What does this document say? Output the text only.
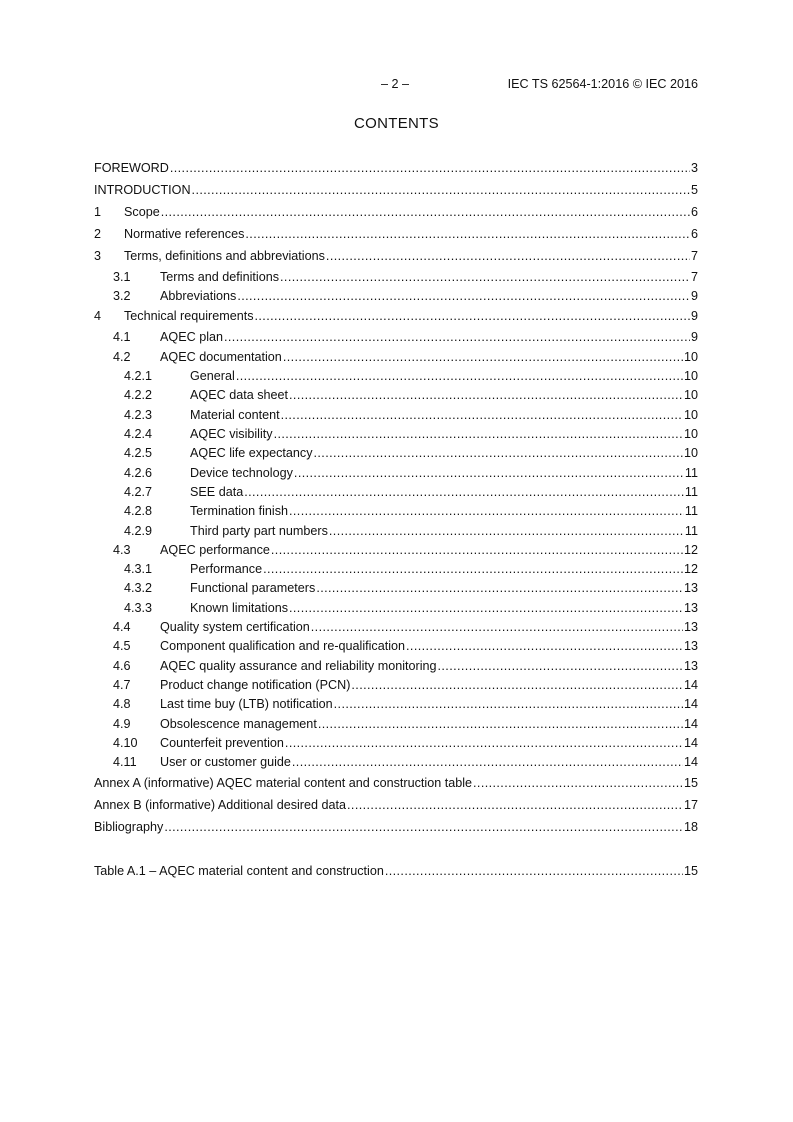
– 2 –	IEC TS 62564-1:2016 © IEC 2016
CONTENTS
FOREWORD .....	3
INTRODUCTION .....	5
1	Scope .....	6
2	Normative references .....	6
3	Terms, definitions and abbreviations .....	7
3.1	Terms and definitions .....	7
3.2	Abbreviations .....	9
4	Technical requirements .....	9
4.1	AQEC plan .....	9
4.2	AQEC documentation .....	10
4.2.1	General .....	10
4.2.2	AQEC data sheet .....	10
4.2.3	Material content .....	10
4.2.4	AQEC visibility .....	10
4.2.5	AQEC life expectancy .....	10
4.2.6	Device technology .....	11
4.2.7	SEE data .....	11
4.2.8	Termination finish .....	11
4.2.9	Third party part numbers .....	11
4.3	AQEC performance .....	12
4.3.1	Performance .....	12
4.3.2	Functional parameters .....	13
4.3.3	Known limitations .....	13
4.4	Quality system certification .....	13
4.5	Component qualification and re-qualification .....	13
4.6	AQEC quality assurance and reliability monitoring .....	13
4.7	Product change notification (PCN) .....	14
4.8	Last time buy (LTB) notification .....	14
4.9	Obsolescence management .....	14
4.10	Counterfeit prevention .....	14
4.11	User or customer guide .....	14
Annex A (informative) AQEC material content and construction table .....	15
Annex B (informative) Additional desired data .....	17
Bibliography .....	18
Table A.1 – AQEC material content and construction .....	15
